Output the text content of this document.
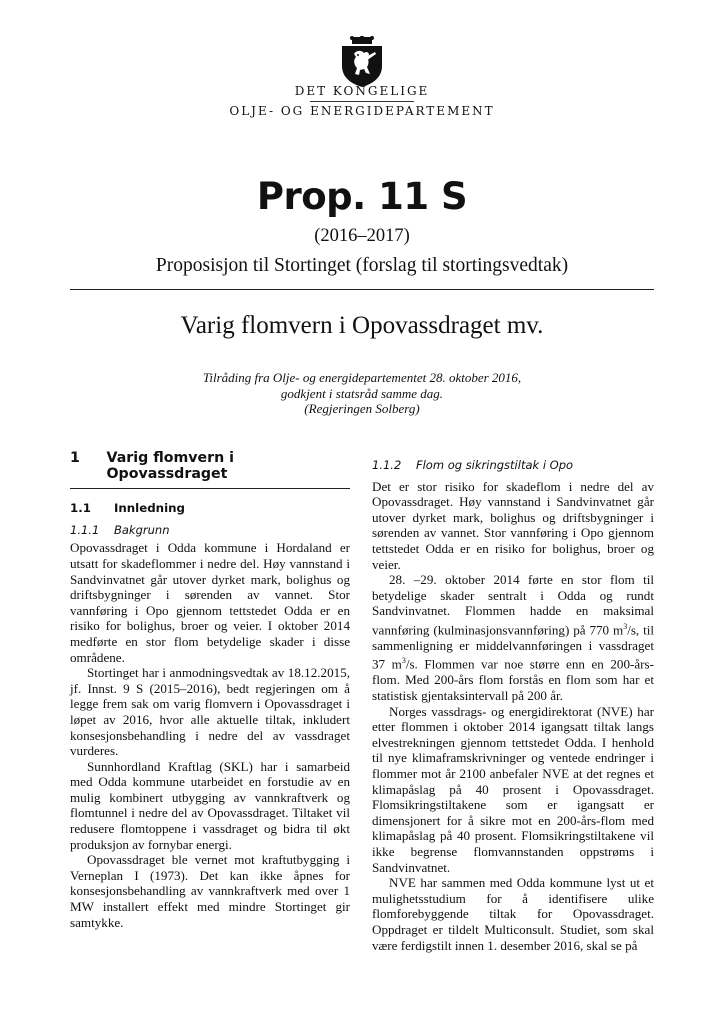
DET KONGELIGE
OLJE- OG ENERGIDEPARTEMENT
Prop. 11 S
(2016–2017)
Proposisjon til Stortinget (forslag til stortingsvedtak)
Varig flomvern i Opovassdraget mv.
Tilråding fra Olje- og energidepartementet 28. oktober 2016,
godkjent i statsråd samme dag.
(Regjeringen Solberg)
1	Varig flomvern i Opovassdraget
1.1	Innledning
1.1.1	Bakgrunn

Opovassdraget i Odda kommune i Hordaland er utsatt for skadeflommer i nedre del. Høy vannstand i Sandvinvatnet går utover dyrket mark, bolighus og driftsbygninger i sørenden av vannet. Stor vannføring i Opo gjennom tettstedet Odda er en risiko for bolighus, broer og veier. I oktober 2014 medførte en stor flom betydelige skader i disse områdene.

Stortinget har i anmodningsvedtak av 18.12.2015, jf. Innst. 9 S (2015–2016), bedt regjeringen om å legge frem sak om varig flomvern i Opovassdraget i løpet av 2016, hvor alle aktuelle tiltak, inkludert konsesjonsbehandling i nedre del av vassdraget vurderes.

Sunnhordland Kraftlag (SKL) har i samarbeid med Odda kommune utarbeidet en forstudie av en mulig kombinert utbygging av vannkraftverk og flomtunnel i nedre del av Opovassdraget. Tiltaket vil redusere flomtoppene i vassdraget og bidra til økt produksjon av fornybar energi.

Opovassdraget ble vernet mot kraftutbygging i Verneplan I (1973). Det kan ikke åpnes for konsesjonsbehandling av vannkraftverk med over 1 MW installert effekt med mindre Stortinget gir samtykke.

1.1.2	Flom og sikringstiltak i Opo

Det er stor risiko for skadeflom i nedre del av Opovassdraget. Høy vannstand i Sandvinvatnet går utover dyrket mark, bolighus og driftsbygninger i sørenden av vannet. Stor vannføring i Opo gjennom tettstedet Odda er en risiko for bolighus, broer og veier.

28. –29. oktober 2014 førte en stor flom til betydelige skader sentralt i Odda og rundt Sandvinvatnet. Flommen hadde en maksimal vannføring (kulminasjonsvannføring) på 770 $m^3/s$, til sammenligning er middelvannføringen i vassdraget 37 $m^3/s$. Flommen var noe større enn en 200-års-flom. Med 200-års flom forstås en flom som har et statistisk gjentaksintervall på 200 år.

Norges vassdrags- og energidirektorat (NVE) har etter flommen i oktober 2014 igangsatt tiltak langs elvestrekningen gjennom tettstedet Odda. I henhold til nye klimaframskrivninger og ventede endringer i flommer mot år 2100 anbefaler NVE at det regnes et klimapåslag på 40 prosent i Opovassdraget. Flomsikringstiltakene som er igangsatt er dimensjonert for å sikre mot en 200-års-flom med klimapåslag på 40 prosent. Flomsikringstiltakene vil ikke begrense flomvannstanden oppstrøms i Sandvinvatnet.

NVE har sammen med Odda kommune lyst ut et mulighetsstudium for å identifisere ulike flomforebyggende tiltak for Opovassdraget. Oppdraget er tildelt Multiconsult. Studiet, som skal være ferdigstilt innen 1. desember 2016, skal se på
